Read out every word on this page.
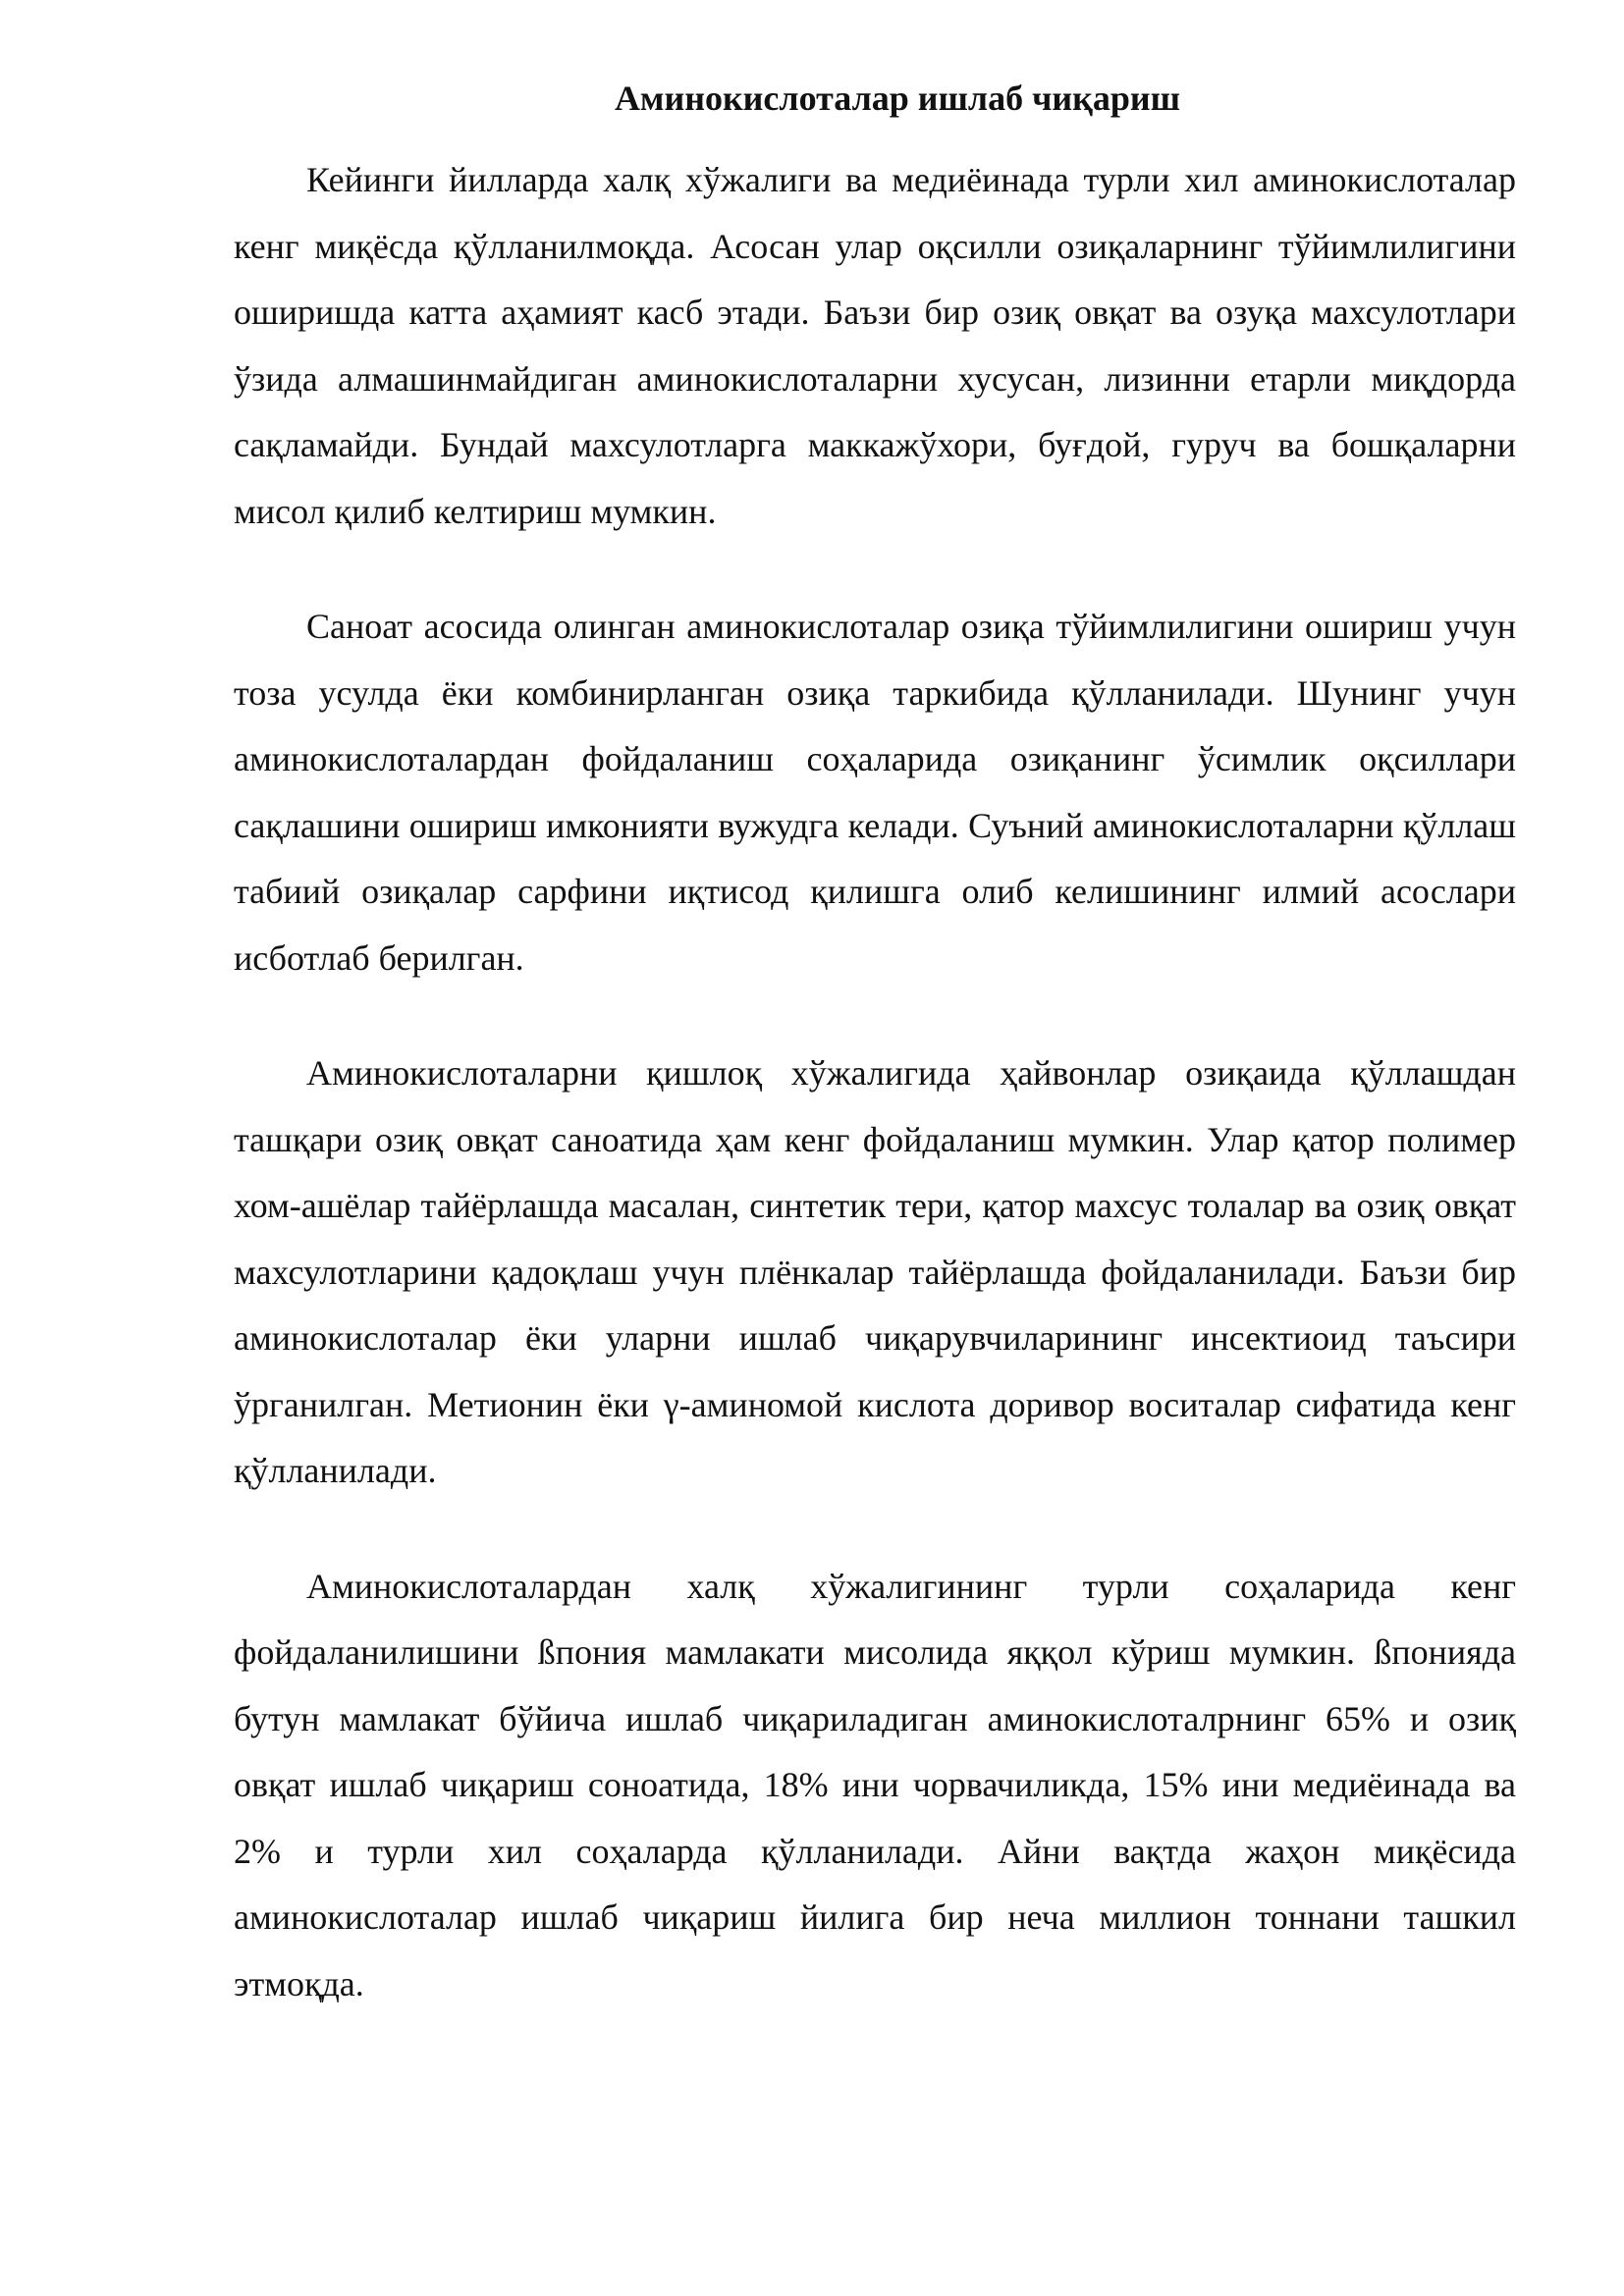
Аминокислоталар ишлаб чиқариш

Кейинги йилларда халқ хўжалиги ва медиёинада турли хил аминокислоталар кенг миқёсда қўлланилмоқда. Асосан улар оқсилли озиқаларнинг тўйимлилигини оширишда катта аҳамият касб этади. Баъзи бир озиқ овқат ва озуқа махсулотлари ўзида алмашинмайдиган аминокислоталарни хусусан, лизинни етарли миқдорда сақламайди. Бундай махсулотларга маккажўхори, буғдой, гуруч ва бошқаларни мисол қилиб келтириш мумкин.

Саноат асосида олинган аминокислоталар озиқа тўйимлилигини ошириш учун тоза усулда ёки комбинирланган озиқа таркибида қўлланилади. Шунинг учун аминокислоталардан фойдаланиш соҳаларида озиқанинг ўсимлик оқсиллари сақлашини ошириш имконияти вужудга келади. Суъний аминокислоталарни қўллаш табиий озиқалар сарфини иқтисод қилишга олиб келишининг илмий асослари исботлаб берилган.

Аминокислоталарни қишлоқ хўжалигида ҳайвонлар озиқаида қўллашдан ташқари озиқ овқат саноатида ҳам кенг фойдаланиш мумкин. Улар қатор полимер хом-ашёлар тайёрлашда масалан, синтетик тери, қатор махсус толалар ва озиқ овқат махсулотларини қадоқлаш учун плёнкалар тайёрлашда фойдаланилади. Баъзи бир аминокислоталар ёки уларни ишлаб чиқарувчиларининг инсектиоид таъсири ўрганилган. Метионин ёки γ-аминомой кислота доривор воситалар сифатида кенг қўлланилади.

Аминокислоталардан халқ хўжалигининг турли соҳаларида кенг фойдаланилишини ßпония мамлакати мисолида яққол кўриш мумкин. ßпонияда бутун мамлакат бўйича ишлаб чиқариладиган аминокислоталрнинг 65% и озиқ овқат ишлаб чиқариш соноатида, 18% ини чорвачиликда, 15% ини медиёинада ва 2% и турли хил соҳаларда қўлланилади. Айни вақтда жаҳон миқёсида аминокислоталар ишлаб чиқариш йилига бир неча миллион тоннани ташкил этмоқда.
